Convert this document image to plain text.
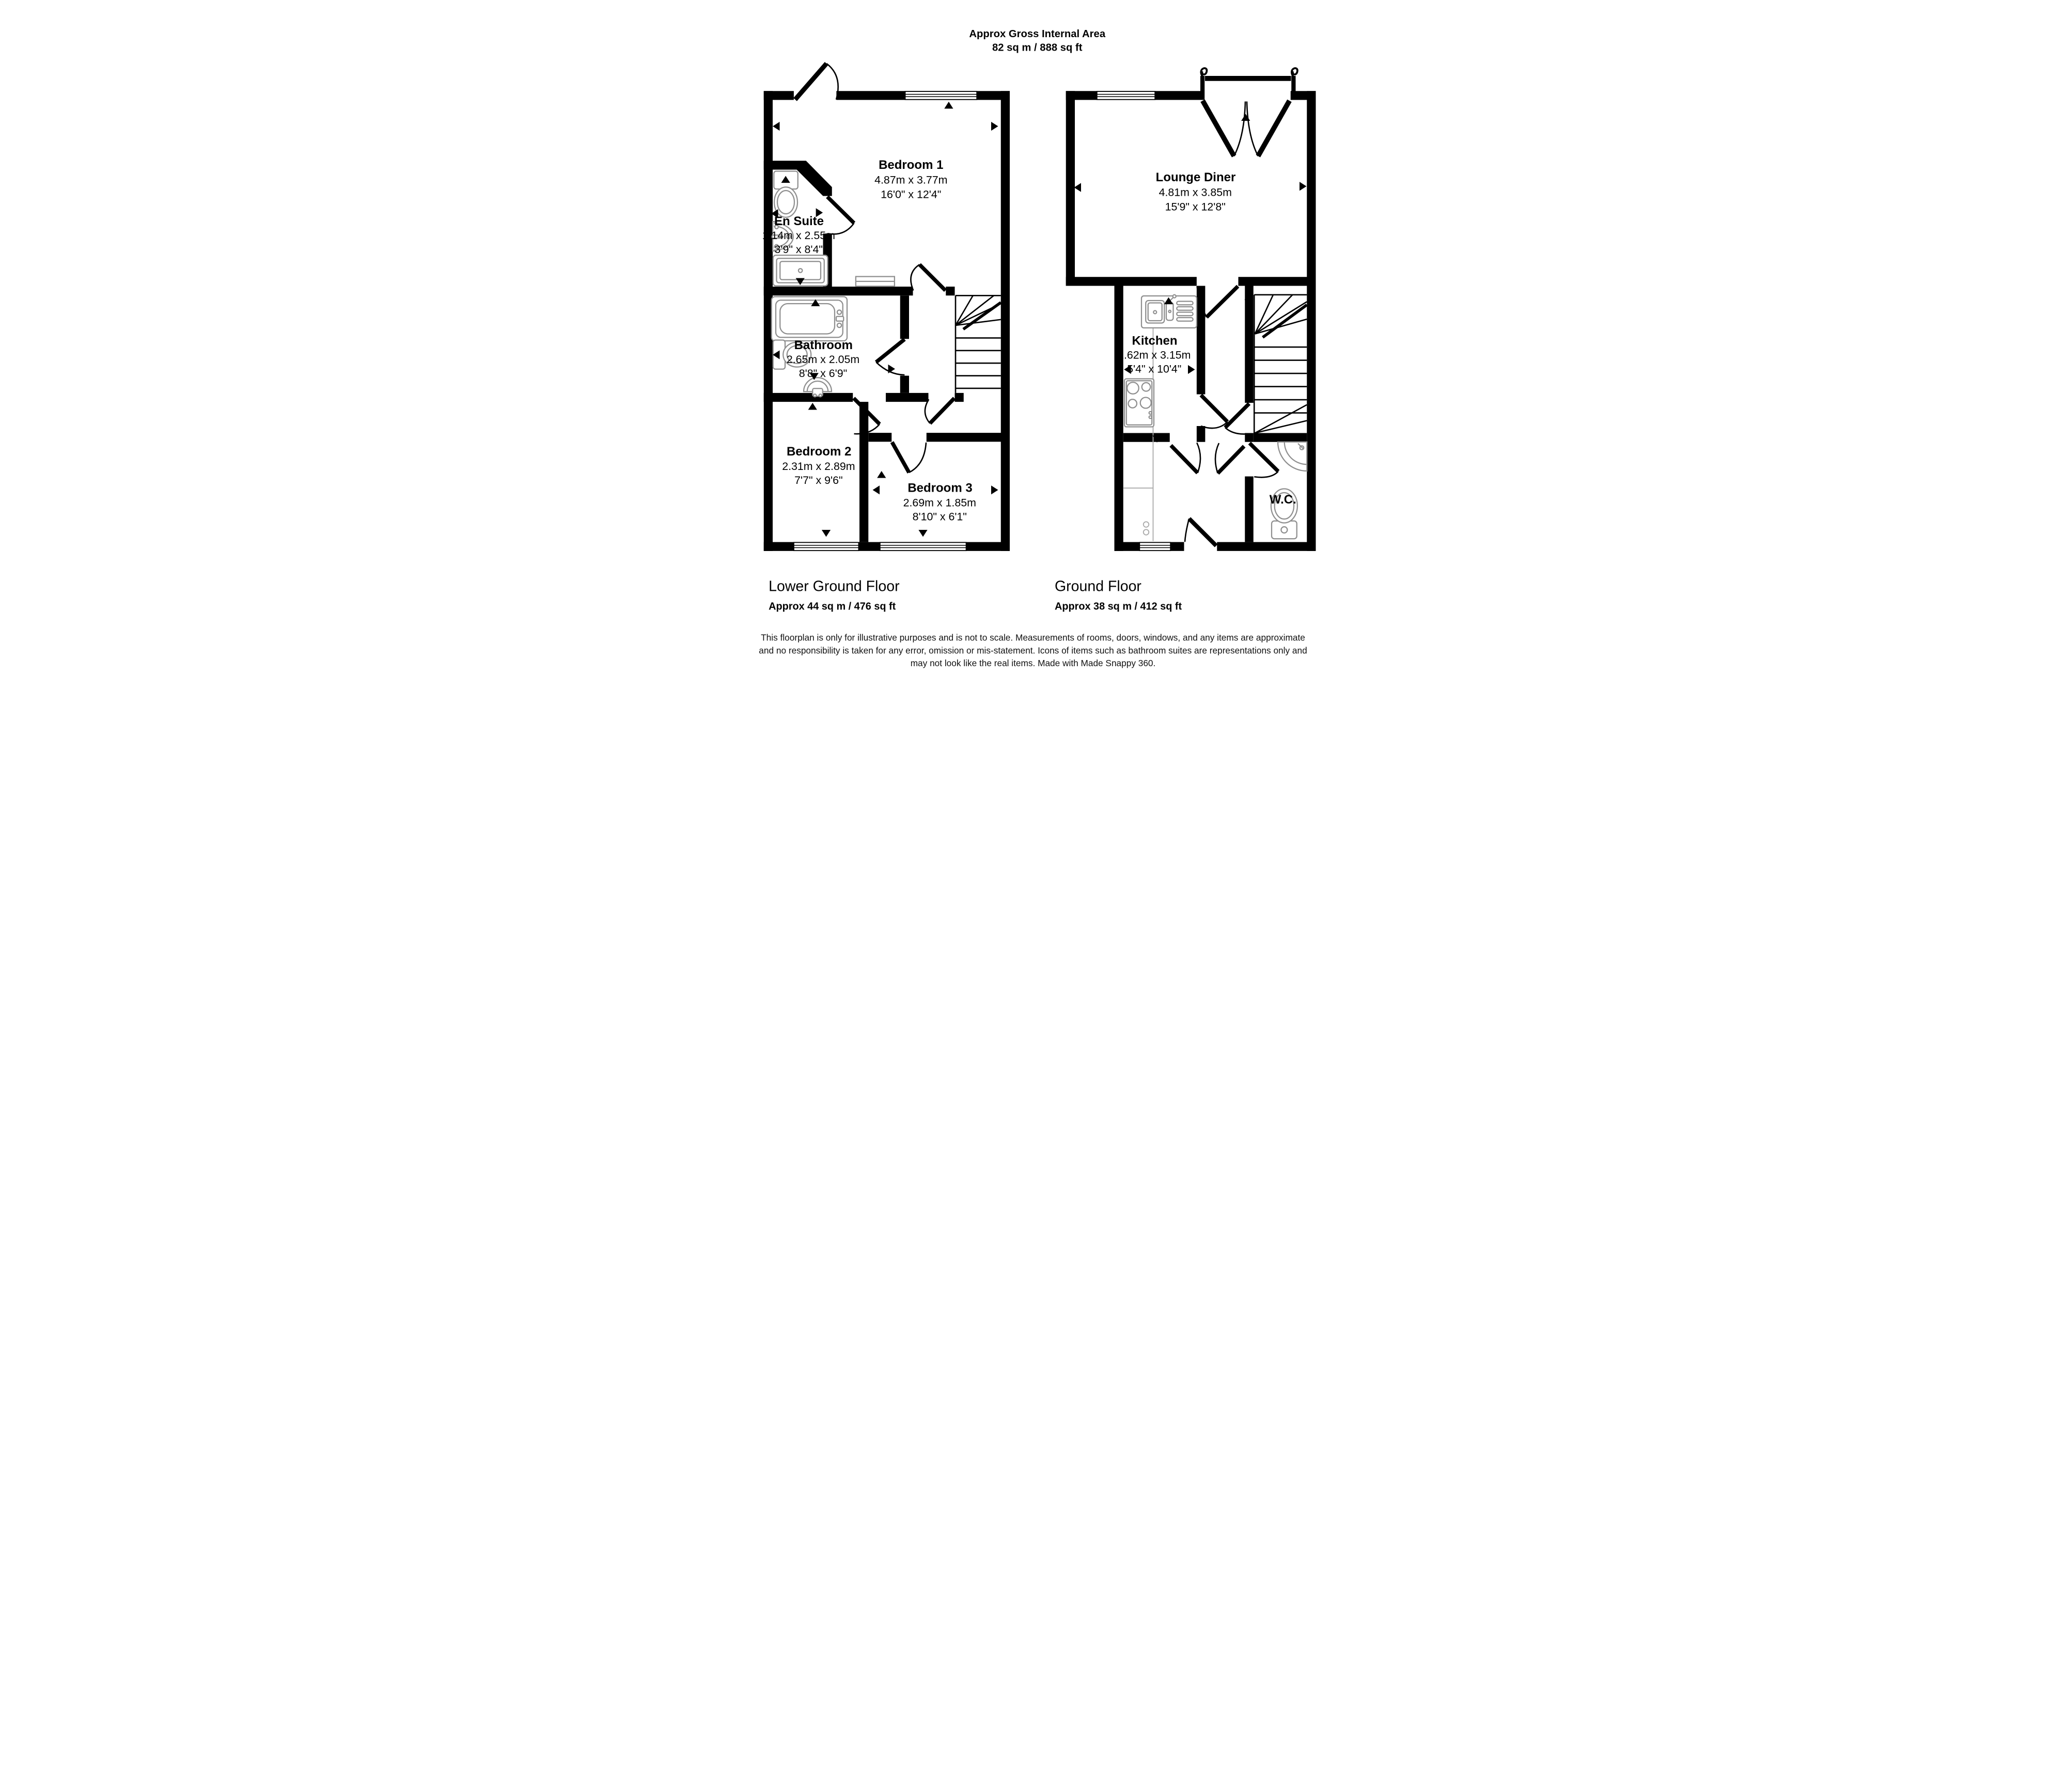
Approx Gross Internal Area
82 sq m / 888 sq ft
Bedroom 1
4.87m x 3.77m
16'0" x 12'4"
En Suite
1.14m x 2.55m
3'9" x 8'4"
Bathroom
2.65m x 2.05m
8'8" x 6'9"
Bedroom 2
2.31m x 2.89m
7'7" x 9'6"
Bedroom 3
2.69m x 1.85m
8'10" x 6'1"
Lounge Diner
4.81m x 3.85m
15'9" x 12'8"
Kitchen
1.62m x 3.15m
5'4" x 10'4"
W.C.
Lower Ground Floor
Approx 44 sq m / 476 sq ft
Ground Floor
Approx 38 sq m / 412 sq ft
This floorplan is only for illustrative purposes and is not to scale. Measurements of rooms, doors, windows, and any items are approximate
and no responsibility is taken for any error, omission or mis-statement. Icons of items such as bathroom suites are representations only and
may not look like the real items. Made with Made Snappy 360.
